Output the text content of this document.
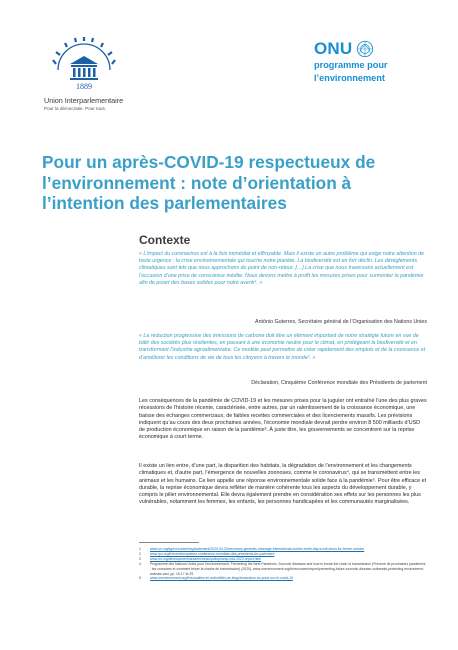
1889
Union Interparlementaire
Pour la démocratie. Pour tous.
ONU
programme pour
l’environnement
Pour un après-COVID-19 respectueux de l’environnement : note d’orientation à l’intention des parlementaires
Contexte
« L’impact du coronavirus est à la fois immédiat et effroyable. Mais il existe un autre problème qui exige notre attention de toute urgence : la crise environnementale qui touche notre planète. La biodiversité est en fort déclin. Les dérèglements climatiques sont tels que nous approchons du point de non-retour. […] La crise que nous traversons actuellement est l’occasion d’une prise de conscience inédite. Nous devons mettre à profit les mesures prises pour surmonter la pandémie afin de poser des bases solides pour notre avenir¹. »
António Guterres, Secrétaire général de l’Organisation des Nations Unies
« La réduction progressive des émissions de carbone doit être un élément important de notre stratégie future en vue de bâtir des sociétés plus résilientes, en passant à une économie neutre pour le climat, en protégeant la biodiversité et en transformant l’industrie agroalimentaire. Ce modèle peut permettre de créer rapidement des emplois et de la croissance et d’améliorer les conditions de vie de tous les citoyens à travers le monde². »
Déclaration, Cinquième Conférence mondiale des Présidents de parlement
Les conséquences de la pandémie de COVID-19 et les mesures prises pour la juguler ont entraîné l’une des plus graves récessions de l’histoire récente, caractérisée, entre autres, par un ralentissement de la croissance économique, une baisse des échanges commerciaux, de faibles recettes commerciales et des licenciements massifs. Les prévisions indiquent qu’au cours des deux prochaines années, l’économie mondiale devrait perdre environ 8 500 milliards d’USD de production économique en raison de la pandémie³. À juste titre, les gouvernements se concentrent sur la reprise économique à court terme.
Il existe un lien entre, d’une part, la disparition des habitats, la dégradation de l’environnement et les changements climatiques et, d’autre part, l’émergence de nouvelles zoonoses, comme le coronavirus⁴, qui se transmettent entre les animaux et les humains. Ce lien appelle une réponse environnementale solide face à la pandémie⁵. Pour être efficace et durable, la reprise économique devra refléter de manière cohérente tous les aspects du développement durable, y compris le pilier environnemental. Elle devra également prendre en considération ses effets sur les personnes les plus vulnérables, notamment les femmes, les enfants, les personnes handicapées et les communautés marginalisées.
1	www.un.org/sg/en/content/sg/statement/2020-04-22/secretary-generals-message-international-mother-earth-day-scroll-down-for-french-version
2	www.ipu.org/fr/event/cinquieme-conference-mondiale-des-presidents-de-parlement
3	www.un.org/development/desa/en/news/policy/wesp-mid-2020-report.html
4	Programme des Nations Unies pour l’environnement, Preventing the Next Pandemic: Zoonotic diseases and how to break the chain of transmission (Prévenir de prochaines pandémies : les zoonoses et comment briser la chaîne de transmission) (2020), www.unenvironment.org/fr/resources/report/preventing-future-zoonotic-disease-outbreaks-protecting-environment-animals-and, pp. 15-17 et 29.
5	www.unenvironment.org/fr/actualites-et-recits/billet-de-blog/declaration-du-pnue-sur-le-covid-19
